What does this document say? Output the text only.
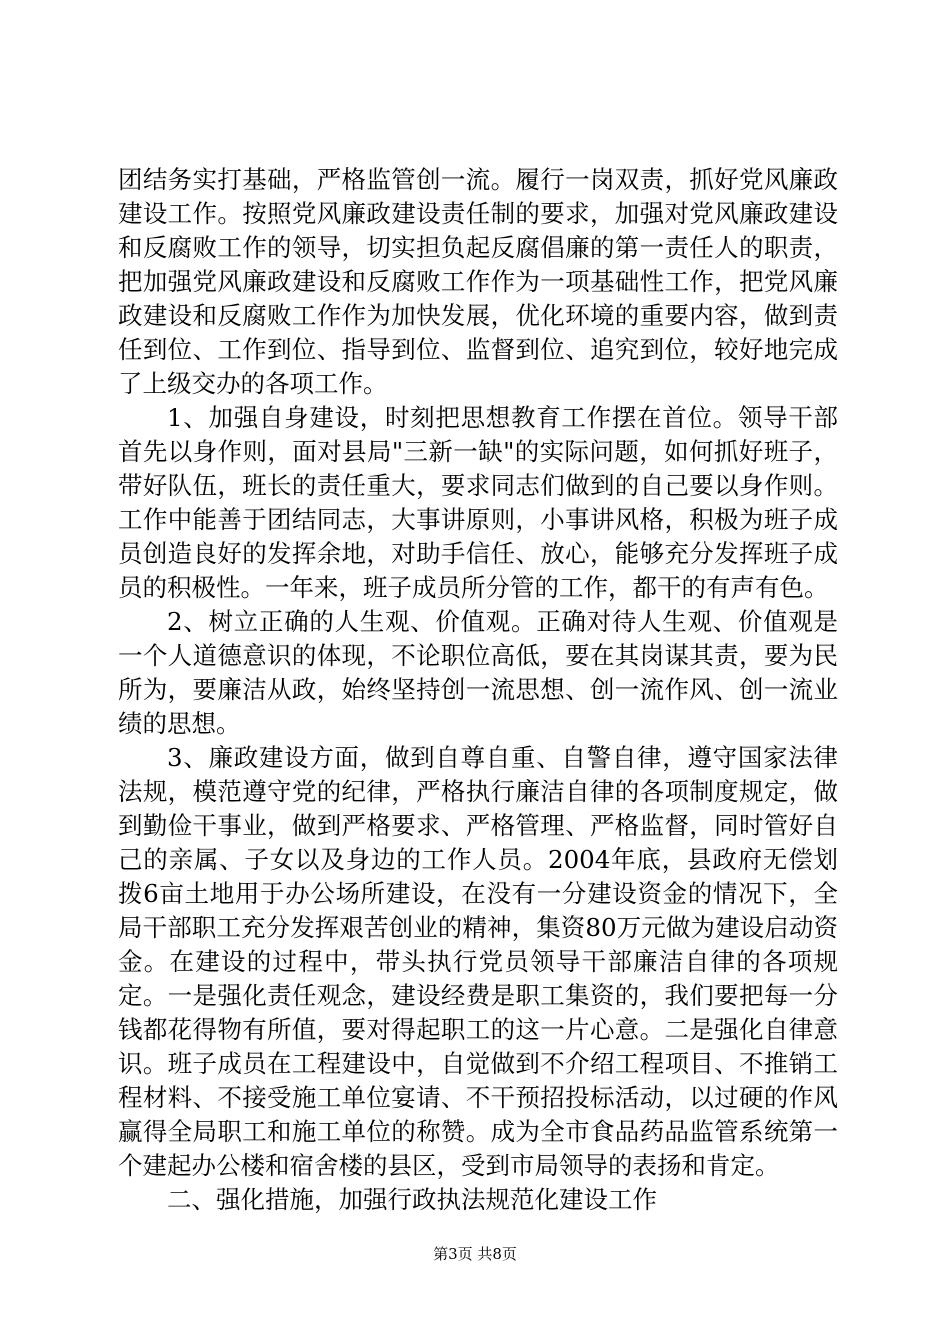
团结务实打基础，严格监管创一流。履行一岗双责，抓好党风廉政建设工作。按照党风廉政建设责任制的要求，加强对党风廉政建设和反腐败工作的领导，切实担负起反腐倡廉的第一责任人的职责，把加强党风廉政建设和反腐败工作作为一项基础性工作，把党风廉政建设和反腐败工作作为加快发展，优化环境的重要内容，做到责任到位、工作到位、指导到位、监督到位、追究到位，较好地完成了上级交办的各项工作。

1、加强自身建设，时刻把思想教育工作摆在首位。领导干部首先以身作则，面对县局"三新一缺"的实际问题，如何抓好班子，带好队伍，班长的责任重大，要求同志们做到的自己要以身作则。工作中能善于团结同志，大事讲原则，小事讲风格，积极为班子成员创造良好的发挥余地，对助手信任、放心，能够充分发挥班子成员的积极性。一年来，班子成员所分管的工作，都干的有声有色。

2、树立正确的人生观、价值观。正确对待人生观、价值观是一个人道德意识的体现，不论职位高低，要在其岗谋其责，要为民所为，要廉洁从政，始终坚持创一流思想、创一流作风、创一流业绩的思想。

3、廉政建设方面，做到自尊自重、自警自律，遵守国家法律法规，模范遵守党的纪律，严格执行廉洁自律的各项制度规定，做到勤俭干事业，做到严格要求、严格管理、严格监督，同时管好自己的亲属、子女以及身边的工作人员。2004年底，县政府无偿划拨6亩土地用于办公场所建设，在没有一分建设资金的情况下，全局干部职工充分发挥艰苦创业的精神，集资80万元做为建设启动资金。在建设的过程中，带头执行党员领导干部廉洁自律的各项规定。一是强化责任观念，建设经费是职工集资的，我们要把每一分钱都花得物有所值，要对得起职工的这一片心意。二是强化自律意识。班子成员在工程建设中，自觉做到不介绍工程项目、不推销工程材料、不接受施工单位宴请、不干预招投标活动，以过硬的作风赢得全局职工和施工单位的称赞。成为全市食品药品监管系统第一个建起办公楼和宿舍楼的县区，受到市局领导的表扬和肯定。

二、强化措施，加强行政执法规范化建设工作

第3页 共8页
